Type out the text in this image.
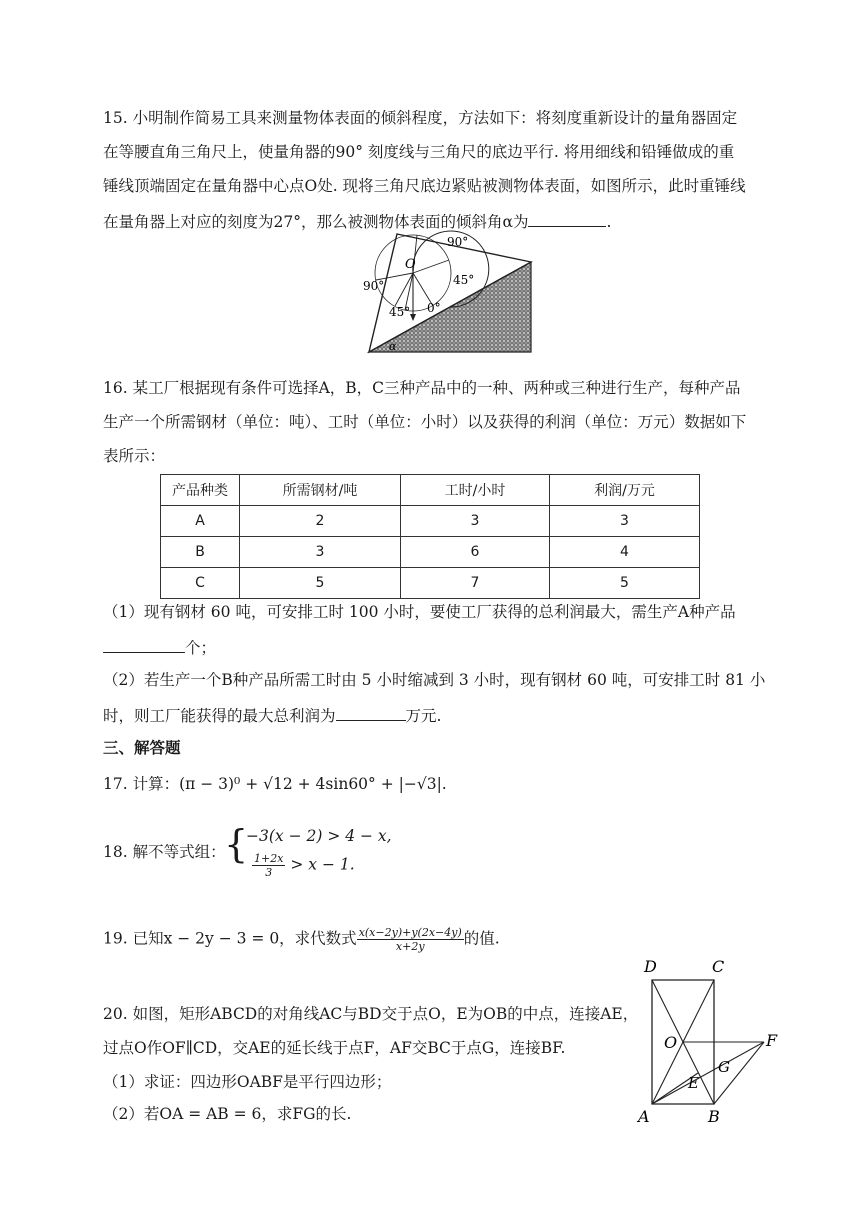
15. 小明制作简易工具来测量物体表面的倾斜程度，方法如下：将刻度重新设计的量角器固定
在等腰直角三角尺上，使量角器的90° 刻度线与三角尺的底边平行. 将用细线和铅锤做成的重
锤线顶端固定在量角器中心点O处. 现将三角尺底边紧贴被测物体表面，如图所示，此时重锤线
在量角器上对应的刻度为27°，那么被测物体表面的倾斜角α为	.
90°
90°
O
45°
45° 0°
α
16. 某工厂根据现有条件可选择A，B，C三种产品中的一种、两种或三种进行生产，每种产品
生产一个所需钢材（单位：吨）、工时（单位：小时）以及获得的利润（单位：万元）数据如下
表所示：
产品种类	所需钢材/吨	工时/小时	利润/万元
A	2	3	3
B	3	6	4
C	5	7	5
（1）现有钢材 60 吨，可安排工时 100 小时，要使工厂获得的总利润最大，需生产A种产品
个；
（2）若生产一个B种产品所需工时由 5 小时缩减到 3 小时，现有钢材 60 吨，可安排工时 81 小
时，则工厂能获得的最大总利润为	万元.
三、解答题
17. 计算：(π − 3)⁰ + √12 + 4sin60° + |−√3|.
18. 解不等式组：
{
−3(x − 2) > 4 − x,
$\frac{1+2x}{3} > x - 1$.
19. 已知x − 2y − 3 = 0，求代数式 $\frac{x(x-2y)+y(2x-4y)}{x+2y}$ 的值.
20. 如图，矩形ABCD的对角线AC与BD交于点O，E为OB的中点，连接AE，
过点O作OF∥CD，交AE的延长线于点F，AF交BC于点G，连接BF.
（1）求证：四边形OABF是平行四边形；
（2）若OA = AB = 6，求FG的长.
D	C
O	F
G
E
A	B
